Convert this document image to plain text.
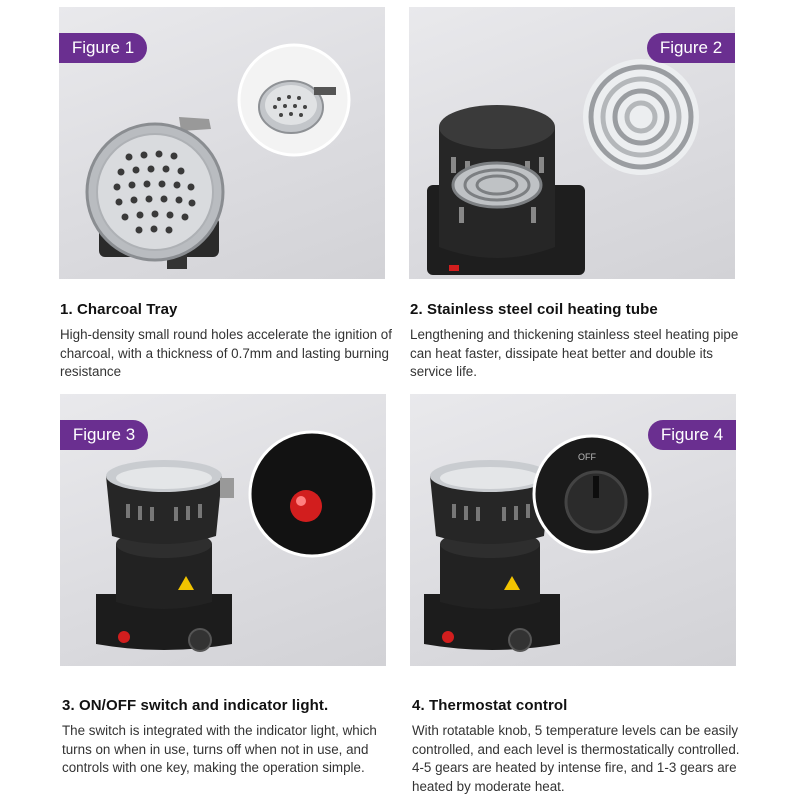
Figure 1	Figure 2
Figure 3
OFF
Figure 4
1. Charcoal Tray

High-density small round holes accelerate the ignition of charcoal, with a thickness of 0.7mm and lasting burning resistance

2. Stainless steel coil heating tube

Lengthening and thickening stainless steel heating pipe can heat faster, dissipate heat better and double its service life.

3. ON/OFF switch and indicator light.

The switch is integrated with the indicator light, which turns on when in use, turns off when not in use, and controls with one key, making the operation simple.

4. Thermostat control

With rotatable knob, 5 temperature levels can be easily controlled, and each level is thermostatically controlled. 4-5 gears are heated by intense fire, and 1-3 gears are heated by moderate heat.
